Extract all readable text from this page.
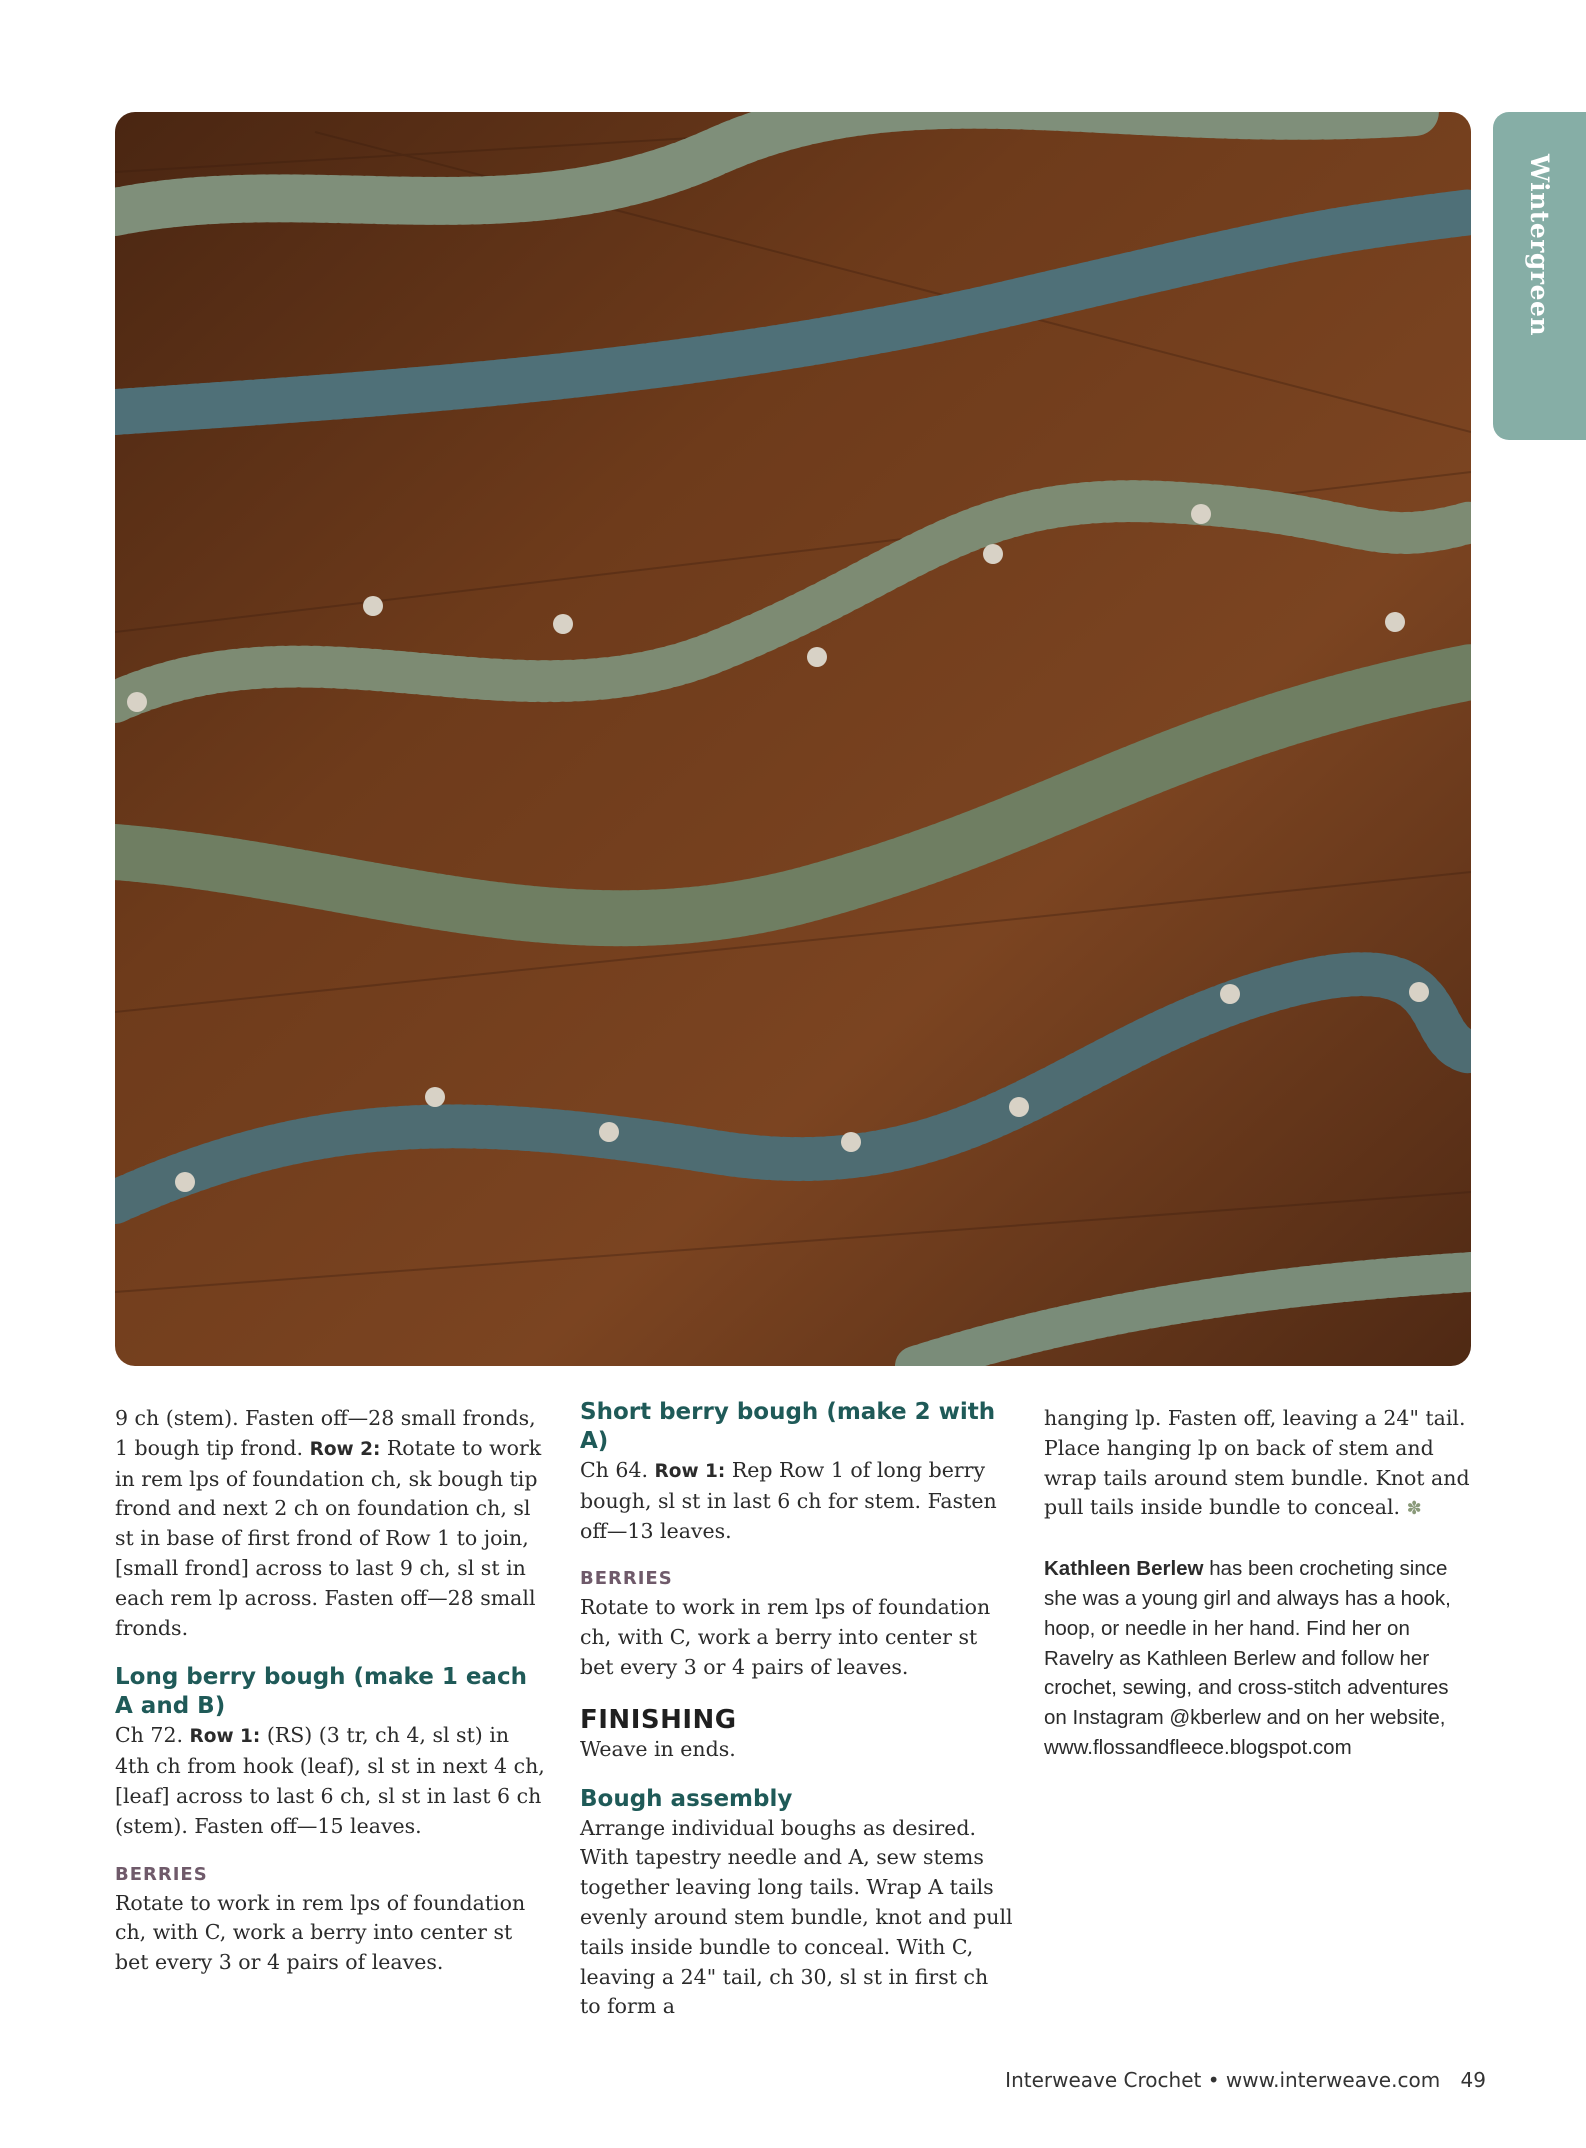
Wintergreen

9 ch (stem). Fasten off—28 small fronds, 1 bough tip frond. Row 2: Rotate to work in rem lps of foundation ch, sk bough tip frond and next 2 ch on foundation ch, sl st in base of first frond of Row 1 to join, [small frond] across to last 9 ch, sl st in each rem lp across. Fasten off—28 small fronds.

Long berry bough (make 1 each A and B)

Ch 72. Row 1: (RS) (3 tr, ch 4, sl st) in 4th ch from hook (leaf), sl st in next 4 ch, [leaf] across to last 6 ch, sl st in last 6 ch (stem). Fasten off—15 leaves.

BERRIES

Rotate to work in rem lps of foundation ch, with C, work a berry into center st bet every 3 or 4 pairs of leaves.

Short berry bough (make 2 with A)

Ch 64. Row 1: Rep Row 1 of long berry bough, sl st in last 6 ch for stem. Fasten off—13 leaves.

BERRIES

Rotate to work in rem lps of foundation ch, with C, work a berry into center st bet every 3 or 4 pairs of leaves.

FINISHING

Weave in ends.

Bough assembly

Arrange individual boughs as desired. With tapestry needle and A, sew stems together leaving long tails. Wrap A tails evenly around stem bundle, knot and pull tails inside bundle to conceal. With C, leaving a 24" tail, ch 30, sl st in first ch to form a

hanging lp. Fasten off, leaving a 24" tail. Place hanging lp on back of stem and wrap tails around stem bundle. Knot and pull tails inside bundle to conceal. ✽

Kathleen Berlew has been crocheting since she was a young girl and always has a hook, hoop, or needle in her hand. Find her on Ravelry as Kathleen Berlew and follow her crochet, sewing, and cross-stitch adventures on Instagram @kberlew and on her website, www.flossandfleece.blogspot.com

Interweave Crochet • www.interweave.com 49
